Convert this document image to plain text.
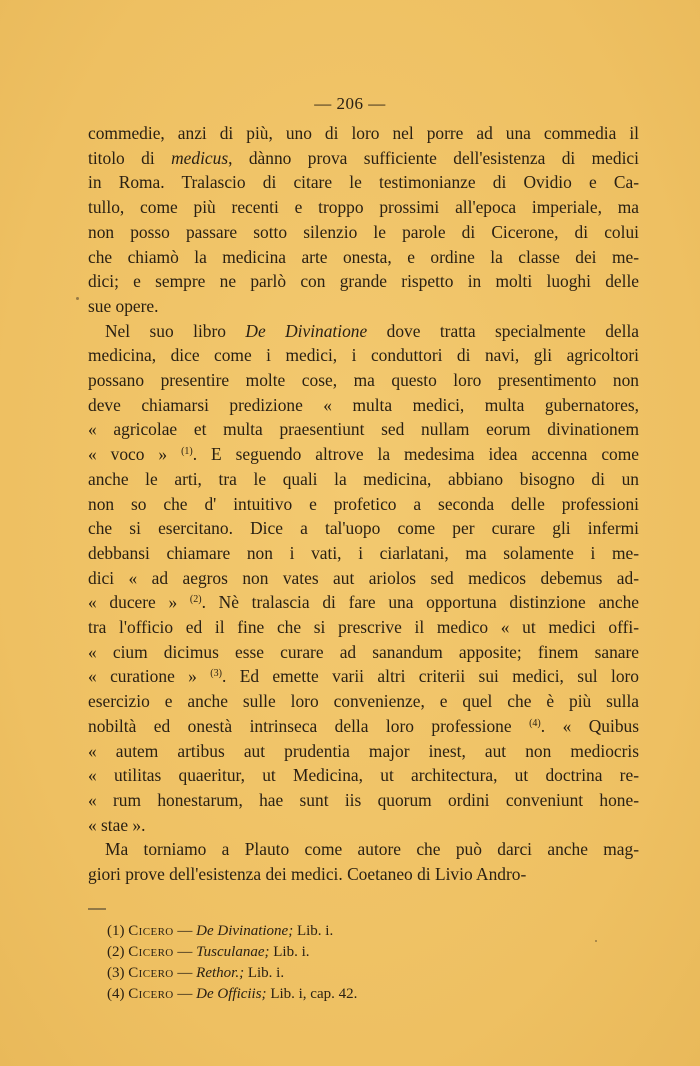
— 206 —
commedie, anzi di più, uno di loro nel porre ad una commedia il
titolo di medicus, dànno prova sufficiente dell'esistenza di medici
in Roma. Tralascio di citare le testimonianze di Ovidio e Ca-
tullo, come più recenti e troppo prossimi all'epoca imperiale, ma
non posso passare sotto silenzio le parole di Cicerone, di colui
che chiamò la medicina arte onesta, e ordine la classe dei me-
dici; e sempre ne parlò con grande rispetto in molti luoghi delle
sue opere.
Nel suo libro De Divinatione dove tratta specialmente della
medicina, dice come i medici, i conduttori di navi, gli agricoltori
possano presentire molte cose, ma questo loro presentimento non
deve chiamarsi predizione « multa medici, multa gubernatores,
« agricolae et multa praesentiunt sed nullam eorum divinationem
« voco » $^{(1)}$. E seguendo altrove la medesima idea accenna come
anche le arti, tra le quali la medicina, abbiano bisogno di un
non so che d' intuitivo e profetico a seconda delle professioni
che si esercitano. Dice a tal'uopo come per curare gli infermi
debbansi chiamare non i vati, i ciarlatani, ma solamente i me-
dici « ad aegros non vates aut ariolos sed medicos debemus ad-
« ducere » $^{(2)}$. Nè tralascia di fare una opportuna distinzione anche
tra l'officio ed il fine che si prescrive il medico « ut medici offi-
« cium dicimus esse curare ad sanandum apposite; finem sanare
« curatione » $^{(3)}$. Ed emette varii altri criterii sui medici, sul loro
esercizio e anche sulle loro convenienze, e quel che è più sulla
nobiltà ed onestà intrinseca della loro professione $^{(4)}$. « Quibus
« autem artibus aut prudentia major inest, aut non mediocris
« utilitas quaeritur, ut Medicina, ut architectura, ut doctrina re-
« rum honestarum, hae sunt iis quorum ordini conveniunt hone-
« stae ».
Ma torniamo a Plauto come autore che può darci anche mag-
giori prove dell'esistenza dei medici. Coetaneo di Livio Andro-
(1) Cicero — De Divinatione; Lib. i.
(2) Cicero — Tusculanae; Lib. i.
(3) Cicero — Rethor.; Lib. i.
(4) Cicero — De Officiis; Lib. i, cap. 42.
